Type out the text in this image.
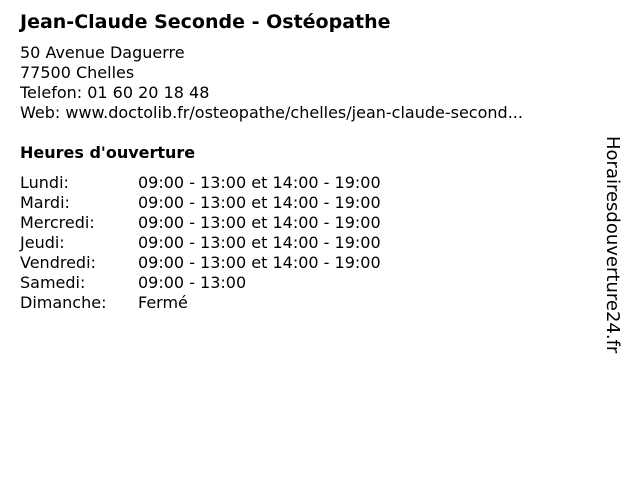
Jean-Claude Seconde - Ostéopathe
50 Avenue Daguerre
77500 Chelles
Telefon: 01 60 20 18 48
Web: www.doctolib.fr/osteopathe/chelles/jean-claude-second...
Heures d'ouverture
Lundi:	09:00 - 13:00 et 14:00 - 19:00
Mardi:	09:00 - 13:00 et 14:00 - 19:00
Mercredi:	09:00 - 13:00 et 14:00 - 19:00
Jeudi:	09:00 - 13:00 et 14:00 - 19:00
Vendredi:	09:00 - 13:00 et 14:00 - 19:00
Samedi:	09:00 - 13:00
Dimanche:	Fermé	Horairesdouverture24.fr
